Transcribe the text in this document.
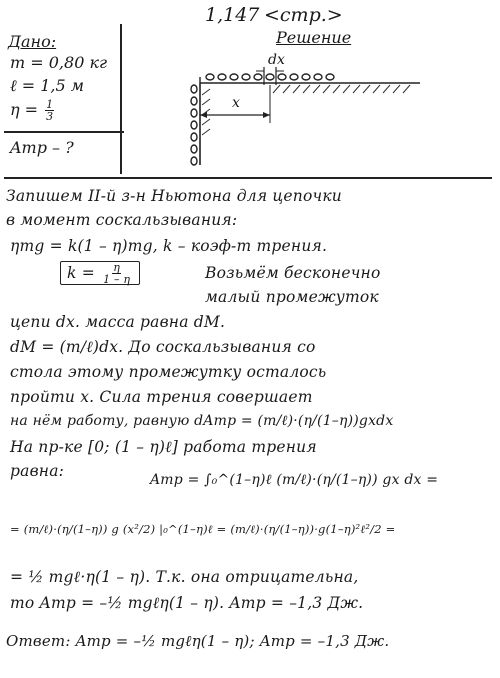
1,147 <стр.>
Решение
Дано:
m = 0,80 кг
ℓ = 1,5 м
$\eta = \frac{1}{3}$
Aтр – ?
dx
x
Запишем II-й з-н Ньютона для цепочки
в момент соскальзывания:
ηmg = k(1 – η)mg, k – коэф-т трения.
$k = \frac{\eta}{1 - \eta}$	Возьмём бесконечно
малый промежуток
цепи dx. масса равна dM.
dM = (m/ℓ)dx. До соскальзывания со
стола этому промежутку осталось
пройти x. Сила трения совершает
на нём работу, равную dAтр = (m/ℓ)·(η/(1–η))gxdx
На пр-ке [0; (1 – η)ℓ] работа трения
равна:	Aтр = ∫₀^(1–η)ℓ (m/ℓ)·(η/(1–η)) gx dx =
= (m/ℓ)·(η/(1–η)) g (x²/2) |₀^(1–η)ℓ = (m/ℓ)·(η/(1–η))·g(1–η)²ℓ²/2 =
= ½ mgℓ·η(1 – η). Т.к. она отрицательна,
то Aтр = –½ mgℓη(1 – η). Aтр = –1,3 Дж.
Ответ: Aтр = –½ mgℓη(1 – η); Aтр = –1,3 Дж.
